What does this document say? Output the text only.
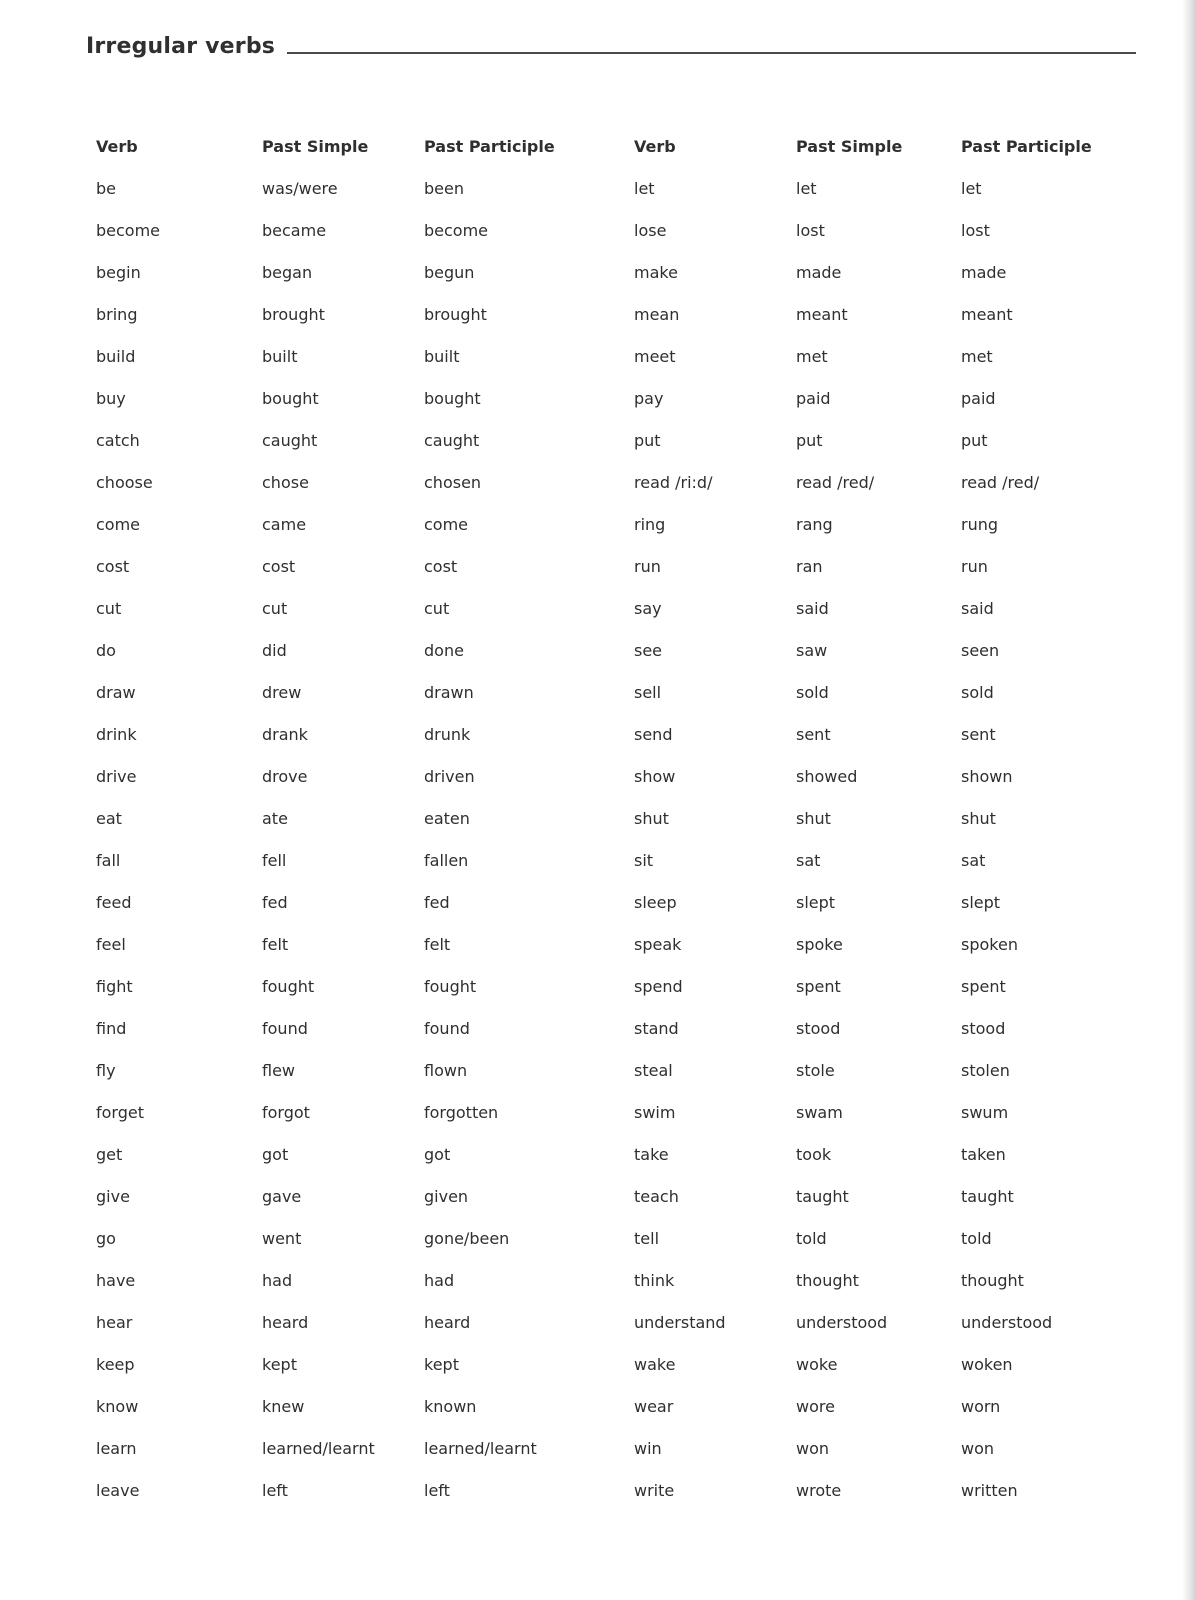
Irregular verbs
Verb	Past Simple	Past Participle	Verb	Past Simple	Past Participle
be	was/were	been	let	let	let
become	became	become	lose	lost	lost
begin	began	begun	make	made	made
bring	brought	brought	mean	meant	meant
build	built	built	meet	met	met
buy	bought	bought	pay	paid	paid
catch	caught	caught	put	put	put
choose	chose	chosen	read /ri:d/	read /red/	read /red/
come	came	come	ring	rang	rung
cost	cost	cost	run	ran	run
cut	cut	cut	say	said	said
do	did	done	see	saw	seen
draw	drew	drawn	sell	sold	sold
drink	drank	drunk	send	sent	sent
drive	drove	driven	show	showed	shown
eat	ate	eaten	shut	shut	shut
fall	fell	fallen	sit	sat	sat
feed	fed	fed	sleep	slept	slept
feel	felt	felt	speak	spoke	spoken
fight	fought	fought	spend	spent	spent
find	found	found	stand	stood	stood
fly	flew	flown	steal	stole	stolen
forget	forgot	forgotten	swim	swam	swum
get	got	got	take	took	taken
give	gave	given	teach	taught	taught
go	went	gone/been	tell	told	told
have	had	had	think	thought	thought
hear	heard	heard	understand	understood	understood
keep	kept	kept	wake	woke	woken
know	knew	known	wear	wore	worn
learn	learned/learnt	learned/learnt	win	won	won
leave	left	left	write	wrote	written
